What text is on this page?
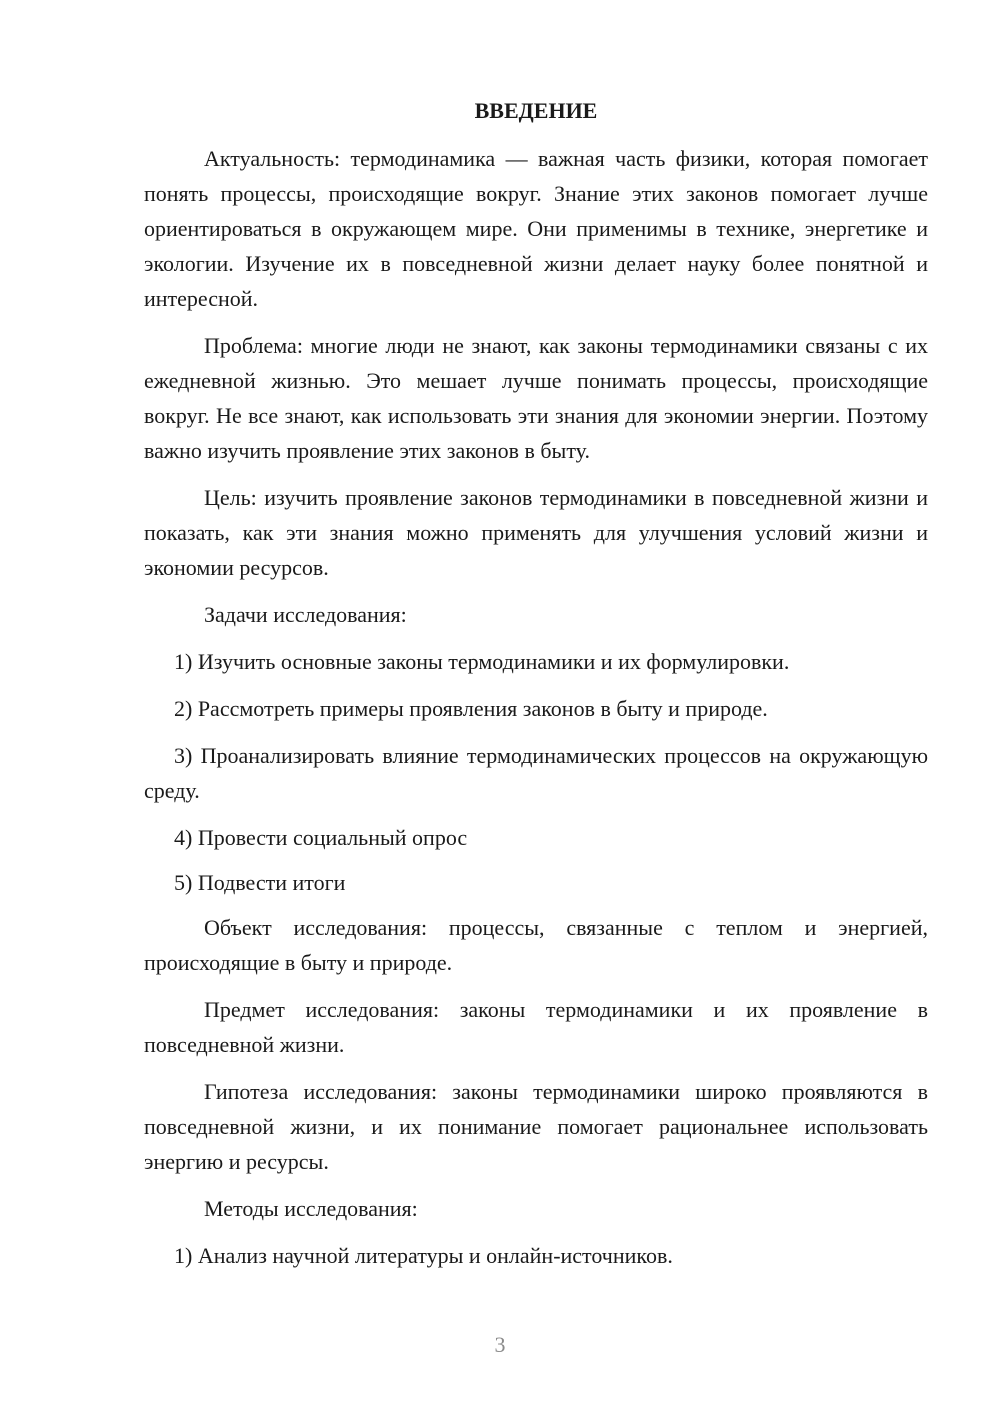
ВВЕДЕНИЕ

Актуальность: термодинамика — важная часть физики, которая помогает понять процессы, происходящие вокруг. Знание этих законов помогает лучше ориентироваться в окружающем мире. Они применимы в технике, энергетике и экологии. Изучение их в повседневной жизни делает науку более понятной и интересной.

Проблема: многие люди не знают, как законы термодинамики связаны с их ежедневной жизнью. Это мешает лучше понимать процессы, происходящие вокруг. Не все знают, как использовать эти знания для экономии энергии. Поэтому важно изучить проявление этих законов в быту.

Цель: изучить проявление законов термодинамики в повседневной жизни и показать, как эти знания можно применять для улучшения условий жизни и экономии ресурсов.

Задачи исследования:

1) Изучить основные законы термодинамики и их формулировки.

2) Рассмотреть примеры проявления законов в быту и природе.

3) Проанализировать влияние термодинамических процессов на окружающую среду.

4) Провести социальный опрос

5) Подвести итоги

Объект исследования: процессы, связанные с теплом и энергией, происходящие в быту и природе.

Предмет исследования: законы термодинамики и их проявление в повседневной жизни.

Гипотеза исследования: законы термодинамики широко проявляются в повседневной жизни, и их понимание помогает рациональнее использовать энергию и ресурсы.

Методы исследования:

1) Анализ научной литературы и онлайн-источников.

3
